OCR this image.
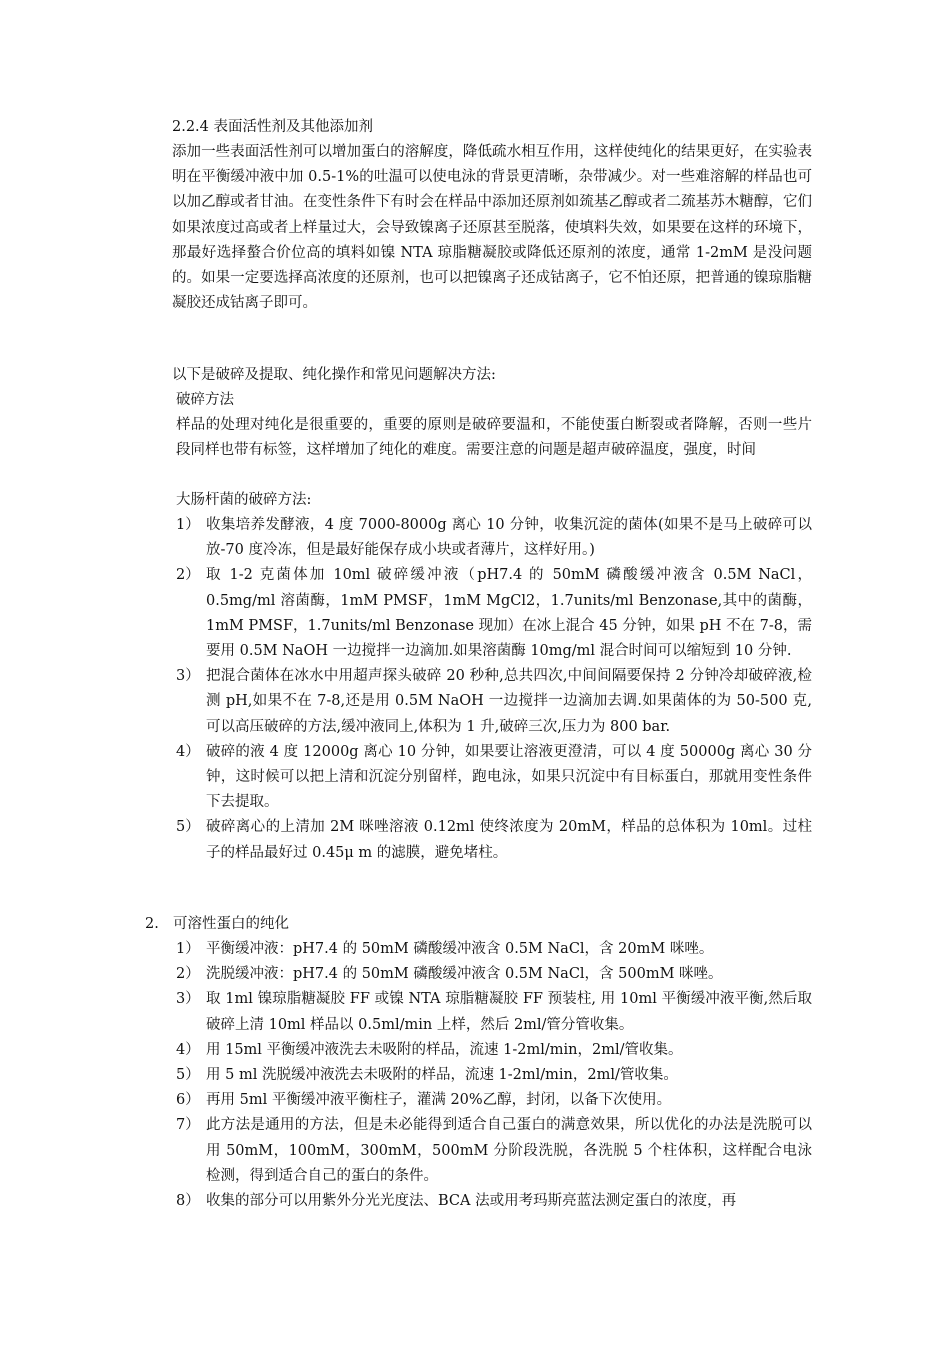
2.2.4 表面活性剂及其他添加剂

添加一些表面活性剂可以增加蛋白的溶解度，降低疏水相互作用，这样使纯化的结果更好，在实验表明在平衡缓冲液中加 0.5-1%的吐温可以使电泳的背景更清晰，杂带减少。对一些难溶解的样品也可以加乙醇或者甘油。在变性条件下有时会在样品中添加还原剂如巯基乙醇或者二巯基苏木糖醇，它们如果浓度过高或者上样量过大，会导致镍离子还原甚至脱落，使填料失效，如果要在这样的环境下，那最好选择螯合价位高的填料如镍 NTA 琼脂糖凝胶或降低还原剂的浓度，通常 1-2mM 是没问题的。如果一定要选择高浓度的还原剂，也可以把镍离子还成钴离子，它不怕还原，把普通的镍琼脂糖凝胶还成钴离子即可。

以下是破碎及提取、纯化操作和常见问题解决方法:

破碎方法

样品的处理对纯化是很重要的，重要的原则是破碎要温和，不能使蛋白断裂或者降解，否则一些片段同样也带有标签，这样增加了纯化的难度。需要注意的问题是超声破碎温度，强度，时间

大肠杆菌的破碎方法:

1） 收集培养发酵液，4 度 7000-8000g 离心 10 分钟，收集沉淀的菌体(如果不是马上破碎可以放-70 度冷冻，但是最好能保存成小块或者薄片，这样好用。)
2） 取 1-2 克菌体加 10ml 破碎缓冲液（pH7.4 的 50mM 磷酸缓冲液含 0.5M NaCl，0.5mg/ml 溶菌酶，1mM PMSF，1mM MgCl2，1.7units/ml Benzonase,其中的菌酶，1mM PMSF，1.7units/ml Benzonase 现加）在冰上混合 45 分钟，如果 pH 不在 7-8，需要用 0.5M NaOH 一边搅拌一边滴加.如果溶菌酶 10mg/ml 混合时间可以缩短到 10 分钟.
3） 把混合菌体在冰水中用超声探头破碎 20 秒种,总共四次,中间间隔要保持 2 分钟冷却破碎液,检测 pH,如果不在 7-8,还是用 0.5M NaOH 一边搅拌一边滴加去调.如果菌体的为 50-500 克,可以高压破碎的方法,缓冲液同上,体积为 1 升,破碎三次,压力为 800 bar.
4） 破碎的液 4 度 12000g 离心 10 分钟，如果要让溶液更澄清，可以 4 度 50000g 离心 30 分钟，这时候可以把上清和沉淀分别留样，跑电泳，如果只沉淀中有目标蛋白，那就用变性条件下去提取。
5） 破碎离心的上清加 2M 咪唑溶液 0.12ml 使终浓度为 20mM，样品的总体积为 10ml。过柱子的样品最好过 0.45μ m 的滤膜，避免堵柱。

2. 可溶性蛋白的纯化

1） 平衡缓冲液：pH7.4 的 50mM 磷酸缓冲液含 0.5M NaCl，含 20mM 咪唑。
2） 洗脱缓冲液：pH7.4 的 50mM 磷酸缓冲液含 0.5M NaCl，含 500mM 咪唑。
3） 取 1ml 镍琼脂糖凝胶 FF 或镍 NTA 琼脂糖凝胶 FF 预装柱, 用 10ml 平衡缓冲液平衡,然后取破碎上清 10ml 样品以 0.5ml/min 上样，然后 2ml/管分管收集。
4） 用 15ml 平衡缓冲液洗去未吸附的样品，流速 1-2ml/min，2ml/管收集。
5） 用 5 ml 洗脱缓冲液洗去未吸附的样品，流速 1-2ml/min，2ml/管收集。
6） 再用 5ml 平衡缓冲液平衡柱子，灌满 20%乙醇，封闭，以备下次使用。
7） 此方法是通用的方法，但是未必能得到适合自己蛋白的满意效果，所以优化的办法是洗脱可以用 50mM，100mM，300mM，500mM 分阶段洗脱，各洗脱 5 个柱体积，这样配合电泳检测，得到适合自己的蛋白的条件。
8） 收集的部分可以用紫外分光光度法、BCA 法或用考玛斯亮蓝法测定蛋白的浓度，再
